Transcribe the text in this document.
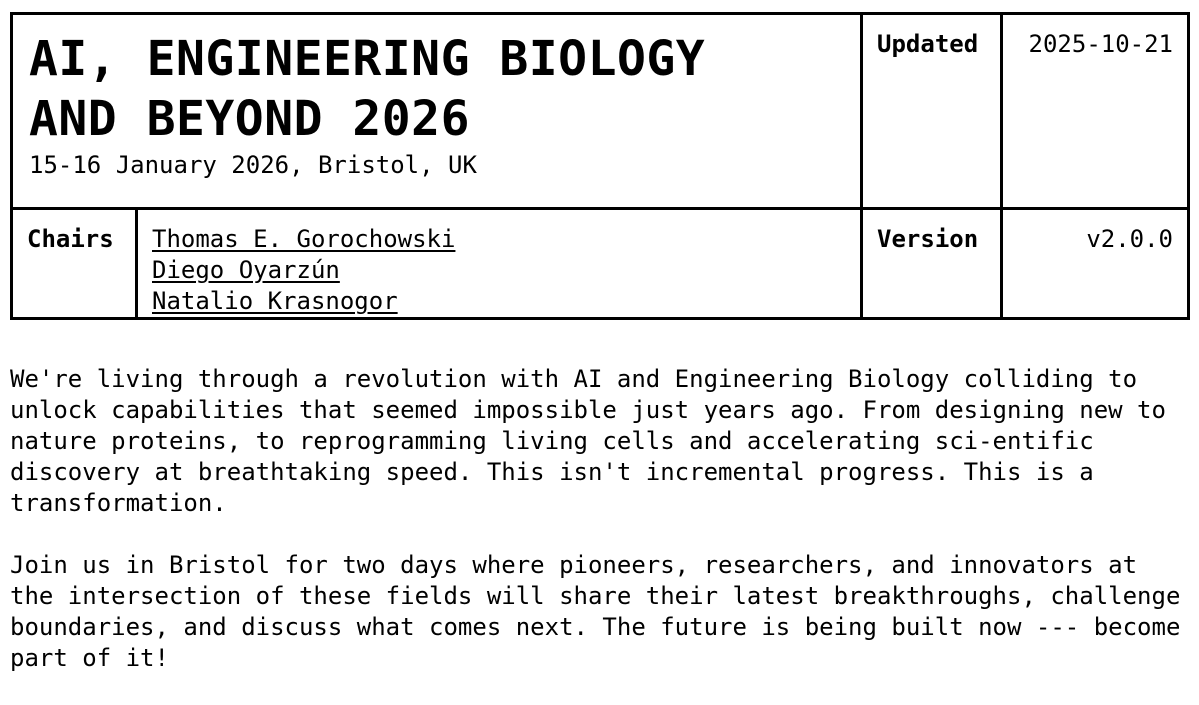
AI, ENGINEERING BIOLOGY
AND BEYOND 2026
15-16 January 2026, Bristol, UK		Updated	2025-10-21
Chairs	Thomas E. Gorochowski
Diego Oyarzún
Natalio Krasnogor	Version	v2.0.0

We're living through a revolution with AI and Engineering Biology colliding to unlock capabilities that seemed impossible just years ago. From designing new to nature proteins, to reprogramming living cells and accelerating sci-entific discovery at breathtaking speed. This isn't incremental progress. This is a transformation.

Join us in Bristol for two days where pioneers, researchers, and innovators at the intersection of these fields will share their latest breakthroughs, challenge boundaries, and discuss what comes next. The future is being built now --- become part of it!
